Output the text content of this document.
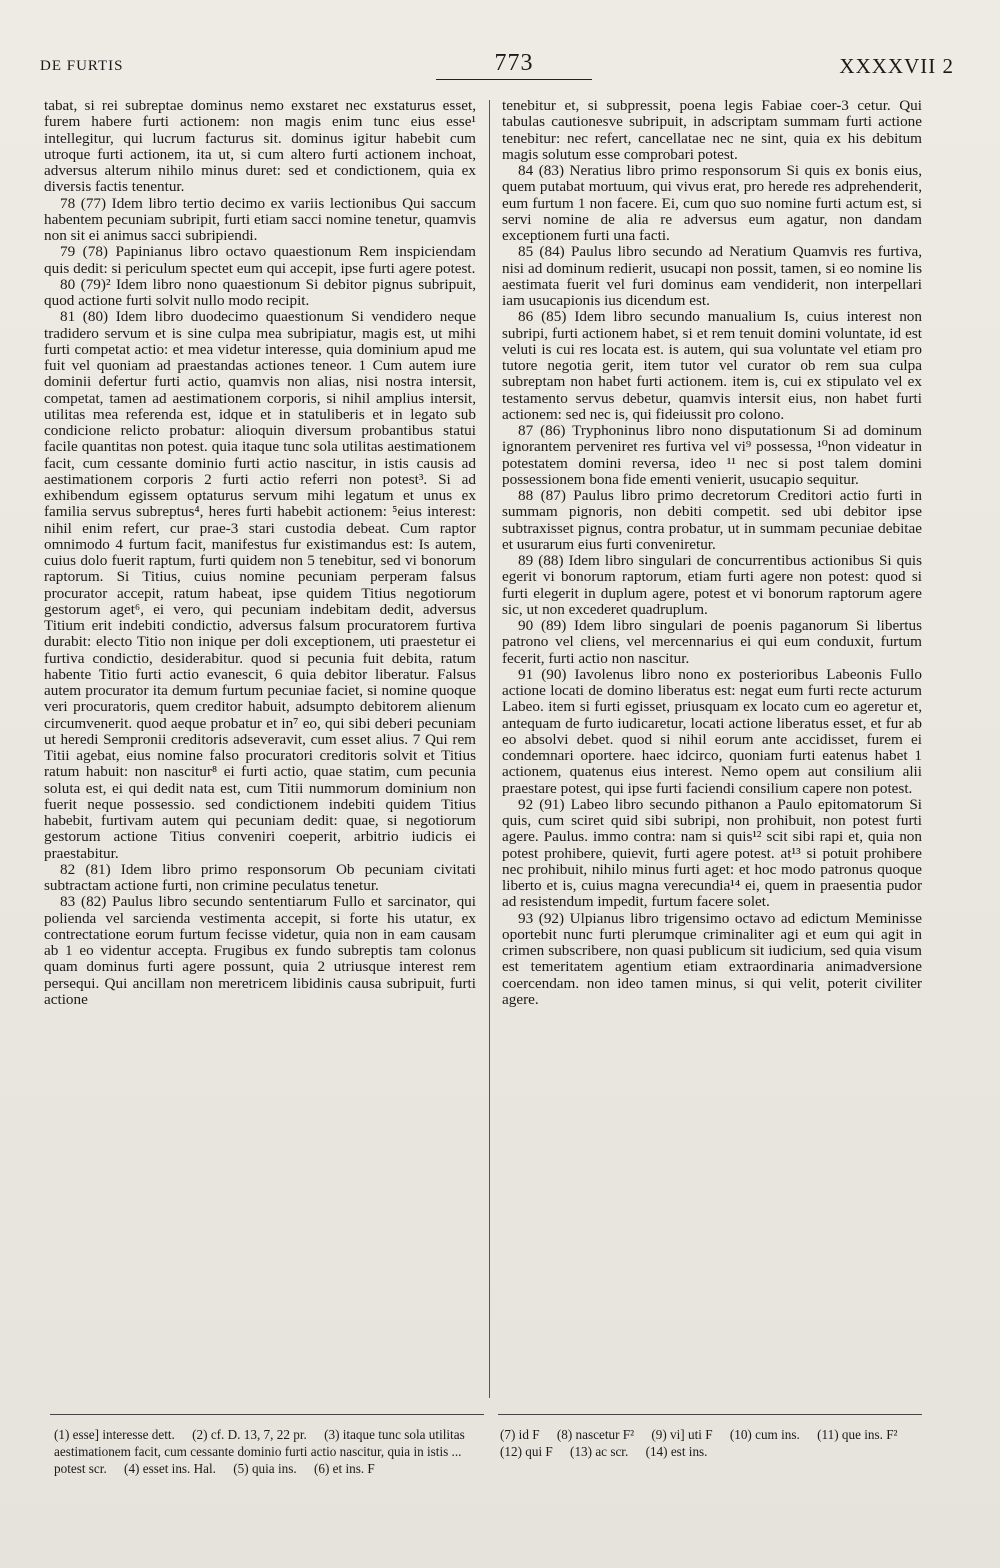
DE FURTIS	773	XXXXVII 2

tabat, si rei subreptae dominus nemo exstaret nec exstaturus esset, furem habere furti actionem: non magis enim tunc eius esse¹ intellegitur, qui lucrum facturus sit. dominus igitur habebit cum utroque furti actionem, ita ut, si cum altero furti actionem inchoat, adversus alterum nihilo minus duret: sed et condictionem, quia ex diversis factis tenentur.

78 (77) Idem libro tertio decimo ex variis lectionibus Qui saccum habentem pecuniam subripit, furti etiam sacci nomine tenetur, quamvis non sit ei animus sacci subripiendi.

79 (78) Papinianus libro octavo quaestionum Rem inspiciendam quis dedit: si periculum spectet eum qui accepit, ipse furti agere potest.

80 (79)² Idem libro nono quaestionum Si debitor pignus subripuit, quod actione furti solvit nullo modo recipit.

81 (80) Idem libro duodecimo quaestionum Si vendidero neque tradidero servum et is sine culpa mea subripiatur, magis est, ut mihi furti competat actio: et mea videtur interesse, quia dominium apud me fuit vel quoniam ad praestandas actiones teneor. 1 Cum autem iure dominii defertur furti actio, quamvis non alias, nisi nostra intersit, competat, tamen ad aestimationem corporis, si nihil amplius intersit, utilitas mea referenda est, idque et in statuliberis et in legato sub condicione relicto probatur: alioquin diversum probantibus statui facile quantitas non potest. quia itaque tunc sola utilitas aestimationem facit, cum cessante dominio furti actio nascitur, in istis causis ad aestimationem corporis 2 furti actio referri non potest³. Si ad exhibendum egissem optaturus servum mihi legatum et unus ex familia servus subreptus⁴, heres furti habebit actionem: ⁵eius interest: nihil enim refert, cur prae-3 stari custodia debeat. Cum raptor omnimodo 4 furtum facit, manifestus fur existimandus est: Is autem, cuius dolo fuerit raptum, furti quidem non 5 tenebitur, sed vi bonorum raptorum. Si Titius, cuius nomine pecuniam perperam falsus procurator accepit, ratum habeat, ipse quidem Titius negotiorum gestorum aget⁶, ei vero, qui pecuniam indebitam dedit, adversus Titium erit indebiti condictio, adversus falsum procuratorem furtiva durabit: electo Titio non inique per doli exceptionem, uti praestetur ei furtiva condictio, desiderabitur. quod si pecunia fuit debita, ratum habente Titio furti actio evanescit, 6 quia debitor liberatur. Falsus autem procurator ita demum furtum pecuniae faciet, si nomine quoque veri procuratoris, quem creditor habuit, adsumpto debitorem alienum circumvenerit. quod aeque probatur et in⁷ eo, qui sibi deberi pecuniam ut heredi Sempronii creditoris adseveravit, cum esset alius. 7 Qui rem Titii agebat, eius nomine falso procuratori creditoris solvit et Titius ratum habuit: non nascitur⁸ ei furti actio, quae statim, cum pecunia soluta est, ei qui dedit nata est, cum Titii nummorum dominium non fuerit neque possessio. sed condictionem indebiti quidem Titius habebit, furtivam autem qui pecuniam dedit: quae, si negotiorum gestorum actione Titius conveniri coeperit, arbitrio iudicis ei praestabitur.

82 (81) Idem libro primo responsorum Ob pecuniam civitati subtractam actione furti, non crimine peculatus tenetur.

83 (82) Paulus libro secundo sententiarum Fullo et sarcinator, qui polienda vel sarcienda vestimenta accepit, si forte his utatur, ex contrectatione eorum furtum fecisse videtur, quia non in eam causam ab 1 eo videntur accepta. Frugibus ex fundo subreptis tam colonus quam dominus furti agere possunt, quia 2 utriusque interest rem persequi. Qui ancillam non meretricem libidinis causa subripuit, furti actione

tenebitur et, si subpressit, poena legis Fabiae coer-3 cetur. Qui tabulas cautionesve subripuit, in adscriptam summam furti actione tenebitur: nec refert, cancellatae nec ne sint, quia ex his debitum magis solutum esse comprobari potest.

84 (83) Neratius libro primo responsorum Si quis ex bonis eius, quem putabat mortuum, qui vivus erat, pro herede res adprehenderit, eum furtum 1 non facere. Ei, cum quo suo nomine furti actum est, si servi nomine de alia re adversus eum agatur, non dandam exceptionem furti una facti.

85 (84) Paulus libro secundo ad Neratium Quamvis res furtiva, nisi ad dominum redierit, usucapi non possit, tamen, si eo nomine lis aestimata fuerit vel furi dominus eam vendiderit, non interpellari iam usucapionis ius dicendum est.

86 (85) Idem libro secundo manualium Is, cuius interest non subripi, furti actionem habet, si et rem tenuit domini voluntate, id est veluti is cui res locata est. is autem, qui sua voluntate vel etiam pro tutore negotia gerit, item tutor vel curator ob rem sua culpa subreptam non habet furti actionem. item is, cui ex stipulato vel ex testamento servus debetur, quamvis intersit eius, non habet furti actionem: sed nec is, qui fideiussit pro colono.

87 (86) Tryphoninus libro nono disputationum Si ad dominum ignorantem perveniret res furtiva vel vi⁹ possessa, ¹⁰non videatur in potestatem domini reversa, ideo ¹¹ nec si post talem domini possessionem bona fide ementi venierit, usucapio sequitur.

88 (87) Paulus libro primo decretorum Creditori actio furti in summam pignoris, non debiti competit. sed ubi debitor ipse subtraxisset pignus, contra probatur, ut in summam pecuniae debitae et usurarum eius furti conveniretur.

89 (88) Idem libro singulari de concurrentibus actionibus Si quis egerit vi bonorum raptorum, etiam furti agere non potest: quod si furti elegerit in duplum agere, potest et vi bonorum raptorum agere sic, ut non excederet quadruplum.

90 (89) Idem libro singulari de poenis paganorum Si libertus patrono vel cliens, vel mercennarius ei qui eum conduxit, furtum fecerit, furti actio non nascitur.

91 (90) Iavolenus libro nono ex posterioribus Labeonis Fullo actione locati de domino liberatus est: negat eum furti recte acturum Labeo. item si furti egisset, priusquam ex locato cum eo ageretur et, antequam de furto iudicaretur, locati actione liberatus esset, et fur ab eo absolvi debet. quod si nihil eorum ante accidisset, furem ei condemnari oportere. haec idcirco, quoniam furti eatenus habet 1 actionem, quatenus eius interest. Nemo opem aut consilium alii praestare potest, qui ipse furti faciendi consilium capere non potest.

92 (91) Labeo libro secundo pithanon a Paulo epitomatorum Si quis, cum sciret quid sibi subripi, non prohibuit, non potest furti agere. Paulus. immo contra: nam si quis¹² scit sibi rapi et, quia non potest prohibere, quievit, furti agere potest. at¹³ si potuit prohibere nec prohibuit, nihilo minus furti aget: et hoc modo patronus quoque liberto et is, cuius magna verecundia¹⁴ ei, quem in praesentia pudor ad resistendum impedit, furtum facere solet.

93 (92) Ulpianus libro trigensimo octavo ad edictum Meminisse oportebit nunc furti plerumque criminaliter agi et eum qui agit in crimen subscribere, non quasi publicum sit iudicium, sed quia visum est temeritatem agentium etiam extraordinaria animadversione coercendam. non ideo tamen minus, si qui velit, poterit civiliter agere.

(1) esse] interesse dett. (2) cf. D. 13, 7, 22 pr. (3) itaque tunc sola utilitas aestimationem facit, cum cessante dominio furti actio nascitur, quia in istis ... potest scr. (4) esset ins. Hal. (5) quia ins. (6) et ins. F
(7) id F (8) nascetur F² (9) vi] uti F (10) cum ins. (11) que ins. F² (12) qui F (13) ac scr. (14) est ins.
